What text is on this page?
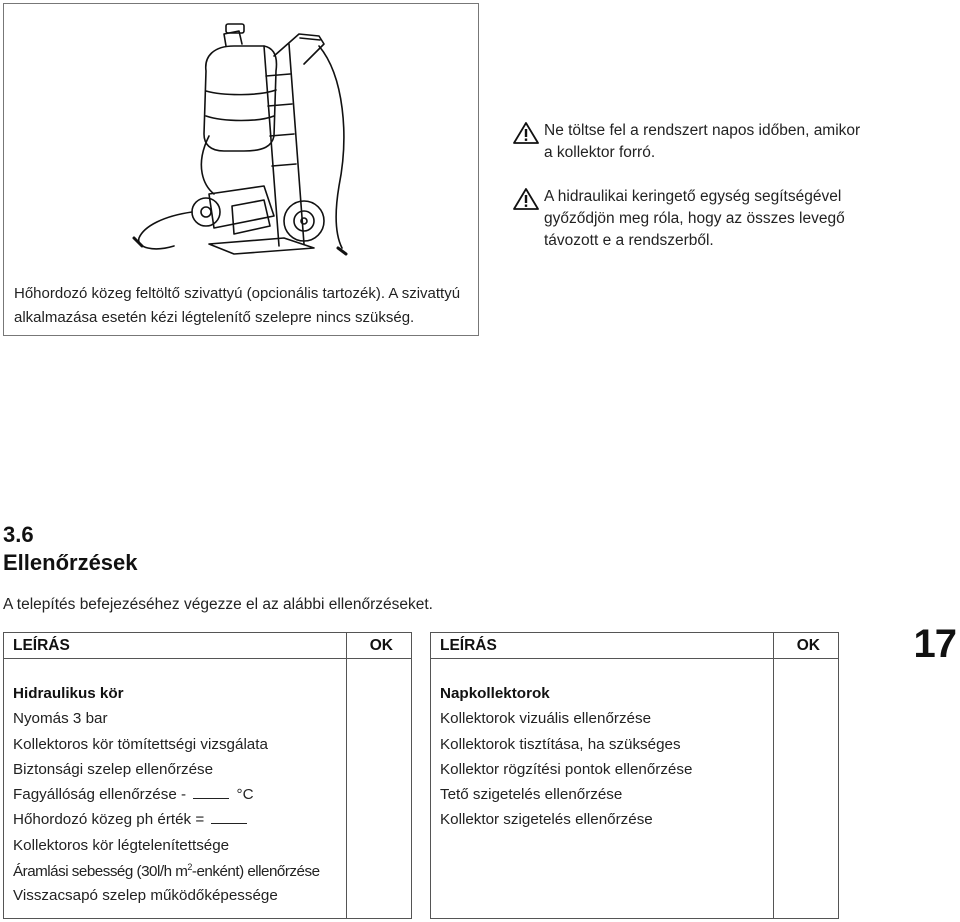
Hőhordozó közeg feltöltő szivattyú (opcionális tartozék). A szivattyú alkalmazása esetén kézi légtelenítő szelepre nincs szükség.
Ne töltse fel a rendszert napos időben, amikor a kollektor forró.
A hidraulikai keringető egység segítségével győződjön meg róla, hogy az összes levegő távozott e a rendszerből.
3.6
Ellenőrzések
A telepítés befejezéséhez végezze el az alábbi ellenőrzéseket.
17
LEÍRÁS	OK
Hidraulikus kör
Nyomás 3 bar
Kollektoros kör tömítettségi vizsgálata
Biztonsági szelep ellenőrzése
Fagyállóság ellenőrzése -	°C
Hőhordozó közeg ph érték =
Kollektoros kör légtelenítettsége
Áramlási sebesség (30l/h $m^2-enként$) ellenőrzése
Visszacsapó szelep működőképessége
LEÍRÁS	OK
Napkollektorok
Kollektorok vizuális ellenőrzése
Kollektorok tisztítása, ha szükséges
Kollektor rögzítési pontok ellenőrzése
Tető szigetelés ellenőrzése
Kollektor szigetelés ellenőrzése
